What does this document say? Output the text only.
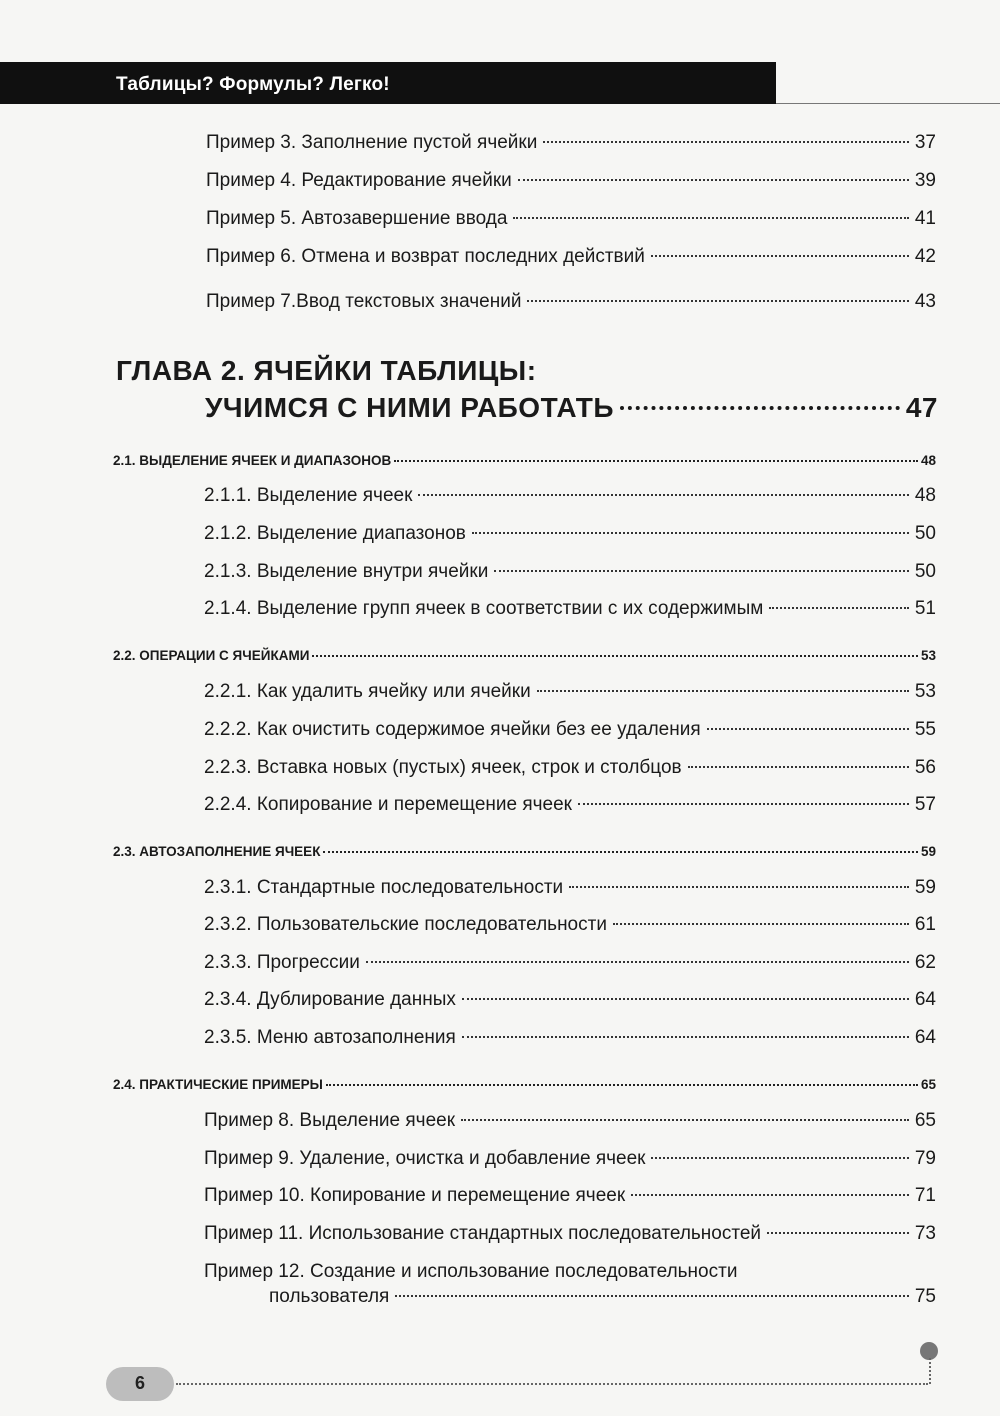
Таблицы? Формулы? Легко!
Пример 3. Заполнение пустой ячейки	37
Пример 4. Редактирование ячейки	39
Пример 5. Автозавершение ввода	41
Пример 6. Отмена и возврат последних действий	42
Пример 7.Ввод текстовых значений	43
ГЛАВА 2. ЯЧЕЙКИ ТАБЛИЦЫ:
УЧИМСЯ С НИМИ РАБОТАТЬ	47
2.1. ВЫДЕЛЕНИЕ ЯЧЕЕК И ДИАПАЗОНОВ	48
2.1.1. Выделение ячеек	48
2.1.2. Выделение диапазонов	50
2.1.3. Выделение внутри ячейки	50
2.1.4. Выделение групп ячеек в соответствии с их содержимым	51
2.2. ОПЕРАЦИИ С ЯЧЕЙКАМИ	53
2.2.1. Как удалить ячейку или ячейки	53
2.2.2. Как очистить содержимое ячейки без ее удаления	55
2.2.3. Вставка новых (пустых) ячеек, строк и столбцов	56
2.2.4. Копирование и перемещение ячеек	57
2.3. АВТОЗАПОЛНЕНИЕ ЯЧЕЕК	59
2.3.1. Стандартные последовательности	59
2.3.2. Пользовательские последовательности	61
2.3.3. Прогрессии	62
2.3.4. Дублирование данных	64
2.3.5. Меню автозаполнения	64
2.4. ПРАКТИЧЕСКИЕ ПРИМЕРЫ	65
Пример 8. Выделение ячеек	65
Пример 9. Удаление, очистка и добавление ячеек	79
Пример 10. Копирование и перемещение ячеек	71
Пример 11. Использование стандартных последовательностей	73
Пример 12. Создание и использование последовательности
пользователя	75
6
